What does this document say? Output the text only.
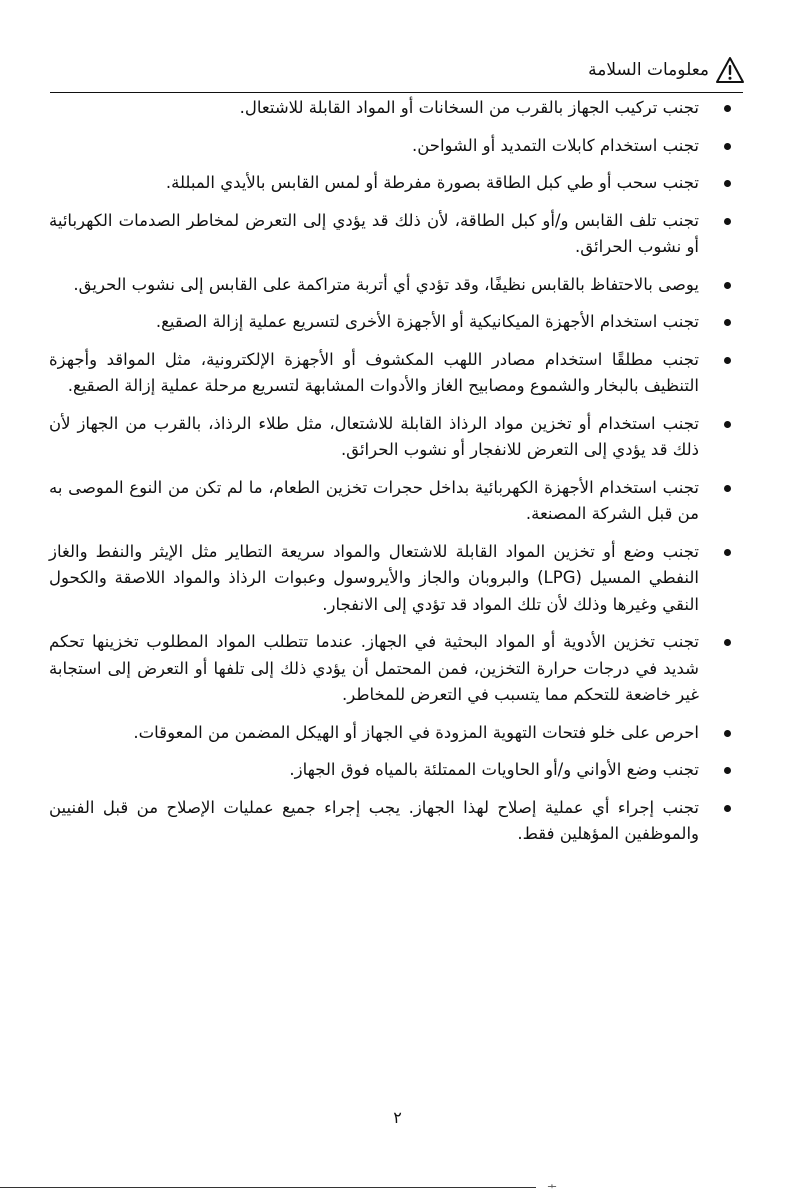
معلومات السلامة
تجنب تركيب الجهاز بالقرب من السخانات أو المواد القابلة للاشتعال.
تجنب استخدام كابلات التمديد أو الشواحن.
تجنب سحب أو طي كبل الطاقة بصورة مفرطة أو لمس القابس بالأيدي المبللة.
تجنب تلف القابس و/أو كبل الطاقة، لأن ذلك قد يؤدي إلى التعرض لمخاطر الصدمات الكهربائية أو نشوب الحرائق.
يوصى بالاحتفاظ بالقابس نظيفًا، وقد تؤدي أي أتربة متراكمة على القابس إلى نشوب الحريق.
تجنب استخدام الأجهزة الميكانيكية أو الأجهزة الأخرى لتسريع عملية إزالة الصقيع.
تجنب مطلقًا استخدام مصادر اللهب المكشوف أو الأجهزة الإلكترونية، مثل المواقد وأجهزة التنظيف بالبخار والشموع ومصابيح الغاز والأدوات المشابهة لتسريع مرحلة عملية إزالة الصقيع.
تجنب استخدام أو تخزين مواد الرذاذ القابلة للاشتعال، مثل طلاء الرذاذ، بالقرب من الجهاز لأن ذلك قد يؤدي إلى التعرض للانفجار أو نشوب الحرائق.
تجنب استخدام الأجهزة الكهربائية بداخل حجرات تخزين الطعام، ما لم تكن من النوع الموصى به من قبل الشركة المصنعة.
تجنب وضع أو تخزين المواد القابلة للاشتعال والمواد سريعة التطاير مثل الإيثر والنفط والغاز النفطي المسيل (LPG) والبروبان والجاز والأيروسول وعبوات الرذاذ والمواد اللاصقة والكحول النقي وغيرها وذلك لأن تلك المواد قد تؤدي إلى الانفجار.
تجنب تخزين الأدوية أو المواد البحثية في الجهاز. عندما تتطلب المواد المطلوب تخزينها تحكم شديد في درجات حرارة التخزين، فمن المحتمل أن يؤدي ذلك إلى تلفها أو التعرض إلى استجابة غير خاضعة للتحكم مما يتسبب في التعرض للمخاطر.
احرص على خلو فتحات التهوية المزودة في الجهاز أو الهيكل المضمن من المعوقات.
تجنب وضع الأواني و/أو الحاويات الممتلئة بالمياه فوق الجهاز.
تجنب إجراء أي عملية إصلاح لهذا الجهاز. يجب إجراء جميع عمليات الإصلاح من قبل الفنيين والموظفين المؤهلين فقط.
٢
ـيـ
